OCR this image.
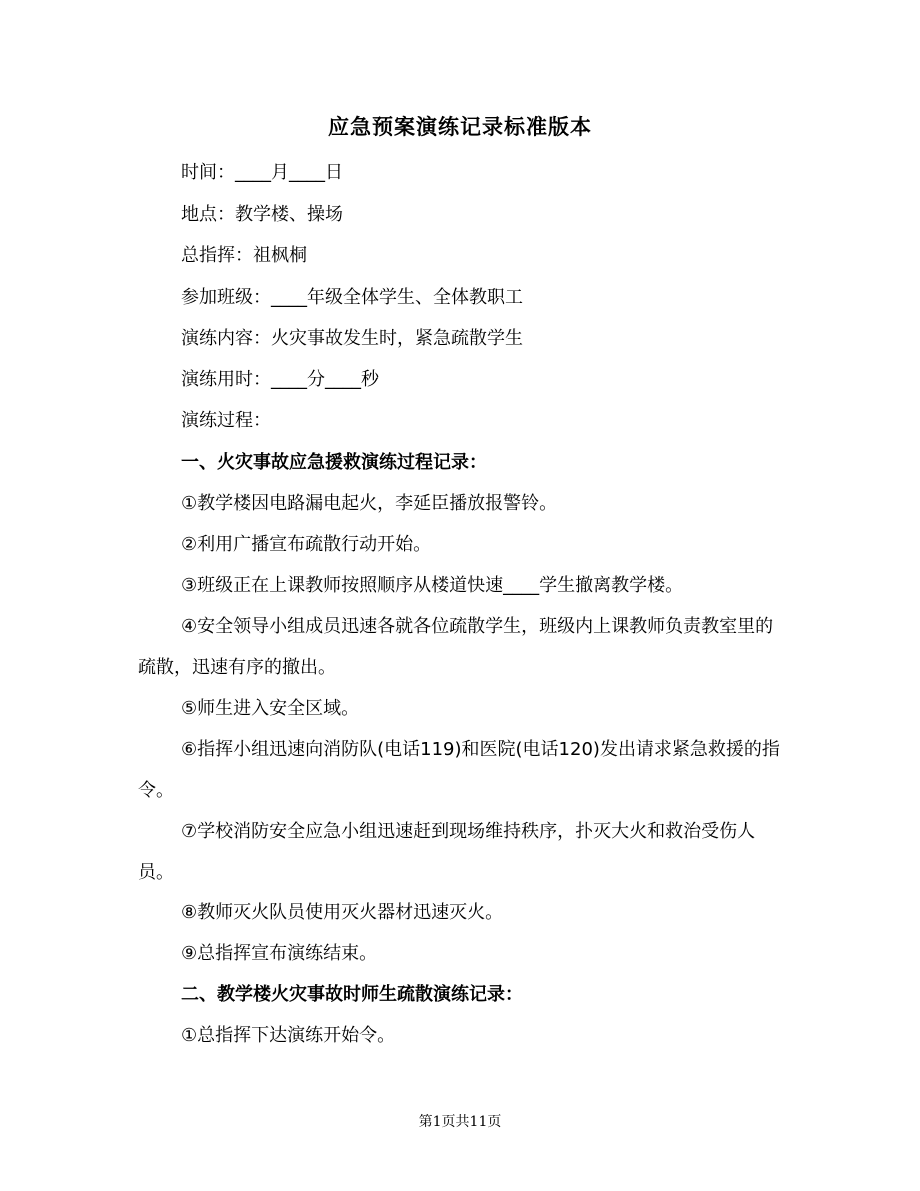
应急预案演练记录标准版本
时间：____月____日
地点：教学楼、操场
总指挥：祖枫桐
参加班级：____年级全体学生、全体教职工
演练内容：火灾事故发生时，紧急疏散学生
演练用时：____分____秒
演练过程：
一、火灾事故应急援救演练过程记录：
①教学楼因电路漏电起火，李延臣播放报警铃。
②利用广播宣布疏散行动开始。
③班级正在上课教师按照顺序从楼道快速____学生撤离教学楼。
④安全领导小组成员迅速各就各位疏散学生，班级内上课教师负责教室里的疏散，迅速有序的撤出。
⑤师生进入安全区域。
⑥指挥小组迅速向消防队(电话119)和医院(电话120)发出请求紧急救援的指令。
⑦学校消防安全应急小组迅速赶到现场维持秩序，扑灭大火和救治受伤人员。
⑧教师灭火队员使用灭火器材迅速灭火。
⑨总指挥宣布演练结束。
二、教学楼火灾事故时师生疏散演练记录：
①总指挥下达演练开始令。
第1页共11页
